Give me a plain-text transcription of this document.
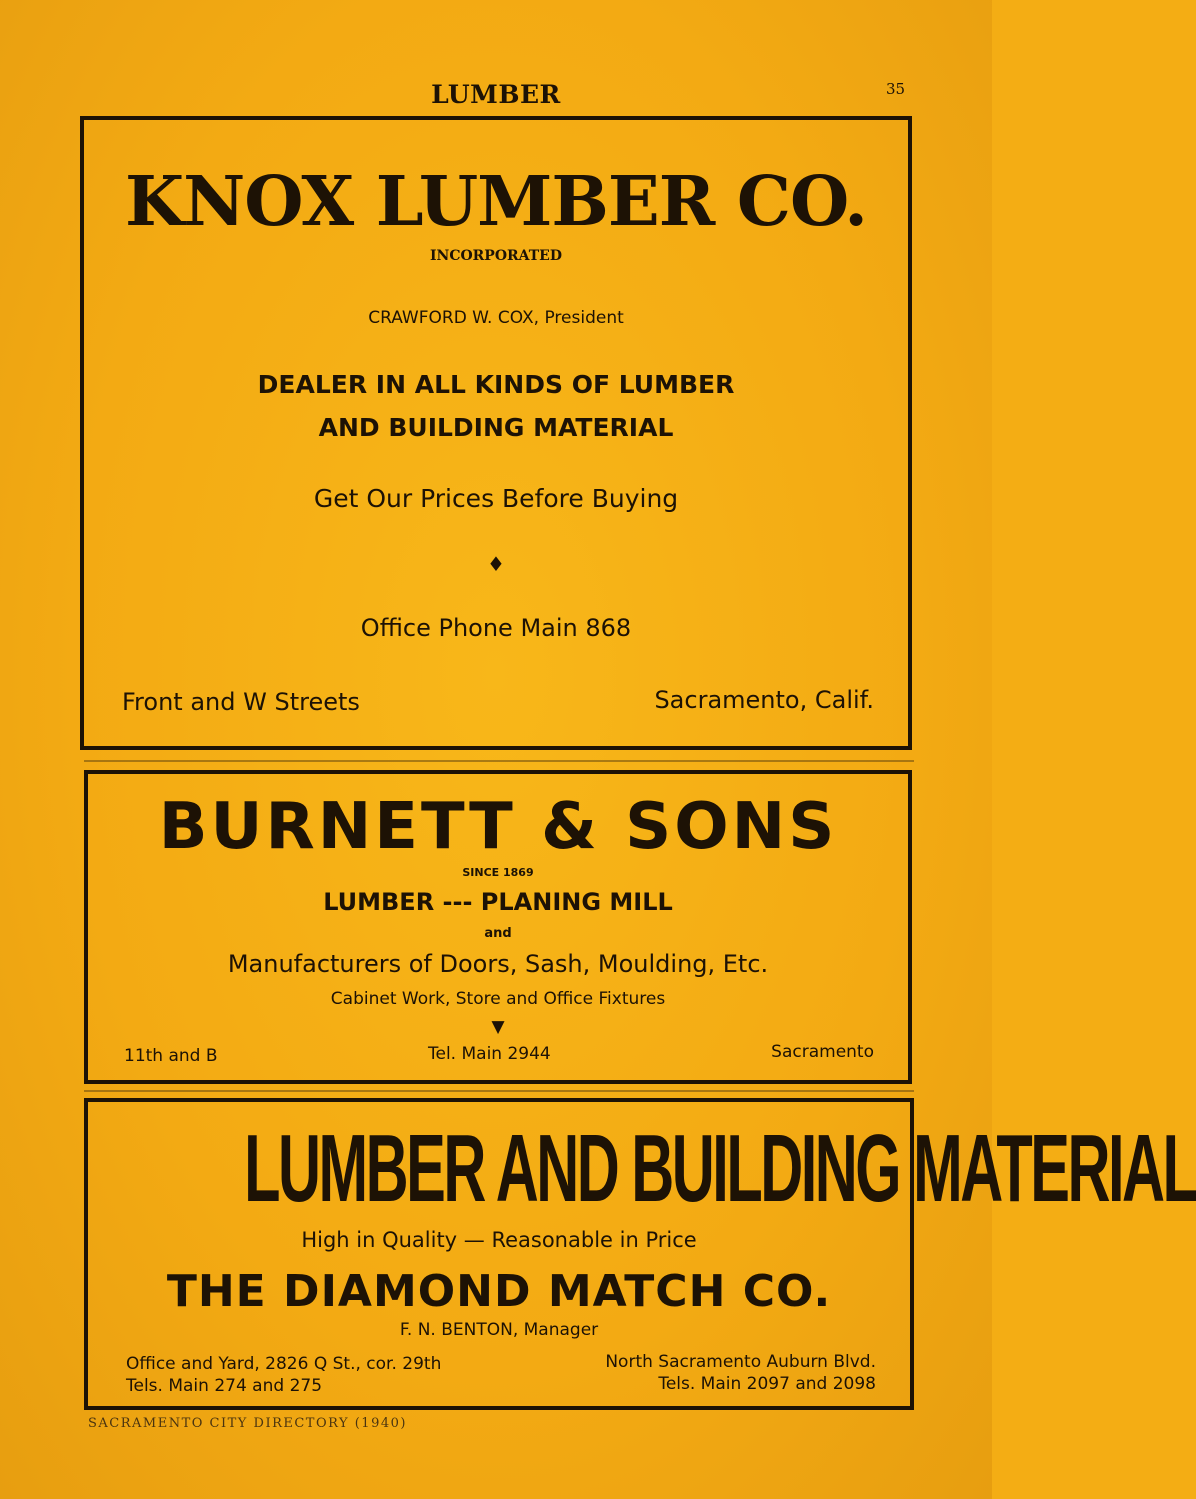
LUMBER	35
KNOX LUMBER CO.
INCORPORATED
CRAWFORD W. COX, President
DEALER IN ALL KINDS OF LUMBER
AND BUILDING MATERIAL
Get Our Prices Before Buying
♦
Office Phone Main 868
Front and W Streets	Sacramento, Calif.
BURNETT & SONS
SINCE 1869
LUMBER --- PLANING MILL
and
Manufacturers of Doors, Sash, Moulding, Etc.
Cabinet Work, Store and Office Fixtures
▼
11th and B	Tel. Main 2944	Sacramento
LUMBER AND BUILDING MATERIAL
High in Quality — Reasonable in Price
THE DIAMOND MATCH CO.
F. N. BENTON, Manager
Office and Yard, 2826 Q St., cor. 29th
Tels. Main 274 and 275
North Sacramento Auburn Blvd.
Tels. Main 2097 and 2098
SACRAMENTO CITY DIRECTORY (1940)
